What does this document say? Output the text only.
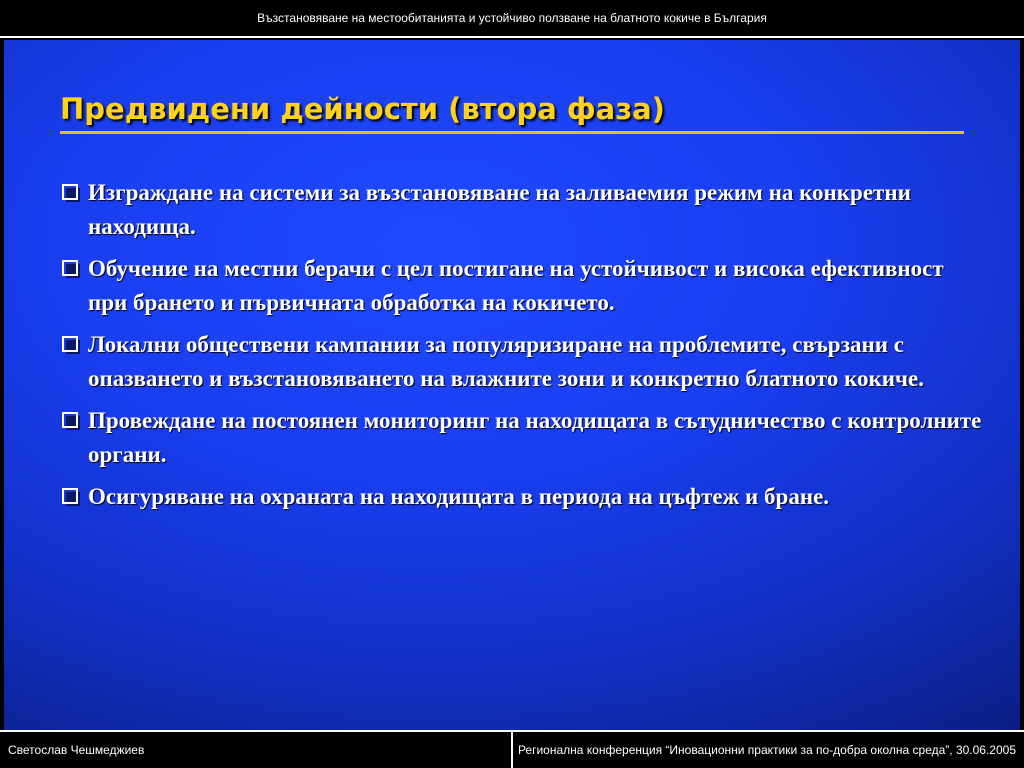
Възстановяване на местообитанията и устойчиво ползване на блатното кокиче в България
Предвидени дейности (втора фаза)
Изграждане на системи за възстановяване на заливаемия режим на конкретни находища.
Обучение на местни берачи с цел постигане на устойчивост и висока ефективност при брането и първичната обработка на кокичето.
Локални обществени кампании за популяризиране на проблемите, свързани с опазването и възстановяването на влажните зони и конкретно блатното кокиче.
Провеждане на постоянен мониторинг на находищата в сътудничество с контролните органи.
Осигуряване на охраната на находищата в периода на цъфтеж и бране.
Светослав Чешмеджиев	Регионална конференция “Иновационни практики за по-добра околна среда”, 30.06.2005
